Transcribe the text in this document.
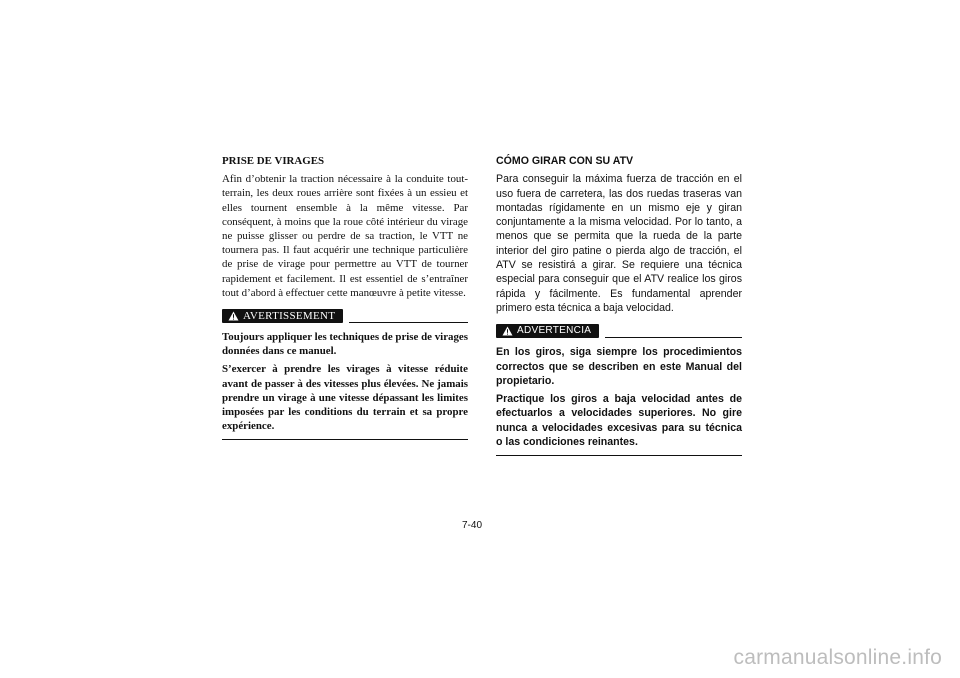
PRISE DE VIRAGES

Afin d’obtenir la traction nécessaire à la conduite tout-terrain, les deux roues arrière sont fixées à un essieu et elles tournent ensemble à la même vitesse. Par conséquent, à moins que la roue côté intérieur du virage ne puisse glisser ou perdre de sa traction, le VTT ne tournera pas. Il faut acquérir une technique particulière de prise de virage pour permettre au VTT de tourner rapidement et facilement. Il est essentiel de s’entraîner tout d’abord à effectuer cette manœuvre à petite vitesse.

AVERTISSEMENT

Toujours appliquer les techniques de prise de virages données dans ce manuel.

S’exercer à prendre les virages à vitesse réduite avant de passer à des vitesses plus élevées. Ne jamais prendre un virage à une vitesse dépassant les limites imposées par les conditions du terrain et sa propre expérience.

CÓMO GIRAR CON SU ATV

Para conseguir la máxima fuerza de tracción en el uso fuera de carretera, las dos ruedas traseras van montadas rígidamente en un mismo eje y giran conjuntamente a la misma velocidad. Por lo tanto, a menos que se permita que la rueda de la parte interior del giro patine o pierda algo de tracción, el ATV se resistirá a girar. Se requiere una técnica especial para conseguir que el ATV realice los giros rápida y fácilmente. Es fundamental aprender primero esta técnica a baja velocidad.

ADVERTENCIA

En los giros, siga siempre los procedimientos correctos que se describen en este Manual del propietario.

Practique los giros a baja velocidad antes de efectuarlos a velocidades superiores. No gire nunca a velocidades excesivas para su técnica o las condiciones reinantes.

7-40
carmanualsonline.info
